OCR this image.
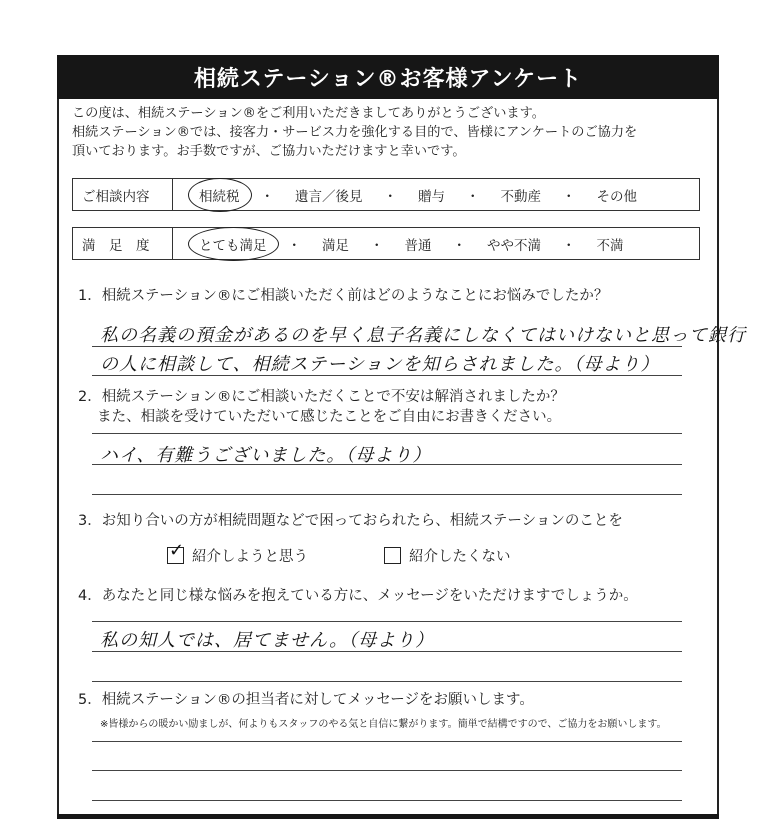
相続ステーション®お客様アンケート
この度は、相続ステーション®をご利用いただきましてありがとうございます。
相続ステーション®では、接客力・サービス力を強化する目的で、皆様にアンケートのご協力を
頂いております。お手数ですが、ご協力いただけますと幸いです。
ご相談内容	相続税	・	遺言／後見	・	贈与	・	不動産	・	その他
満　足　度	とても満足	・	満足	・	普通	・	やや不満	・	不満
1．相続ステーション®にご相談いただく前はどのようなことにお悩みでしたか？
私の名義の預金があるのを早く息子名義にしなくてはいけないと思って銀行
の人に相談して、相続ステーションを知らされました。（母より）
2．相続ステーション®にご相談いただくことで不安は解消されましたか？
　 また、相談を受けていただいて感じたことをご自由にお書きください。
ハイ、有難うございました。（母より）
3．お知り合いの方が相続問題などで困っておられたら、相続ステーションのことを
✓ 紹介しようと思う	紹介したくない
4．あなたと同じ様な悩みを抱えている方に、メッセージをいただけますでしょうか。
私の知人では、居てません。（母より）
5．相続ステーション®の担当者に対してメッセージをお願いします。
※皆様からの暖かい励ましが、何よりもスタッフのやる気と自信に繋がります。簡単で結構ですので、ご協力をお願いします。
